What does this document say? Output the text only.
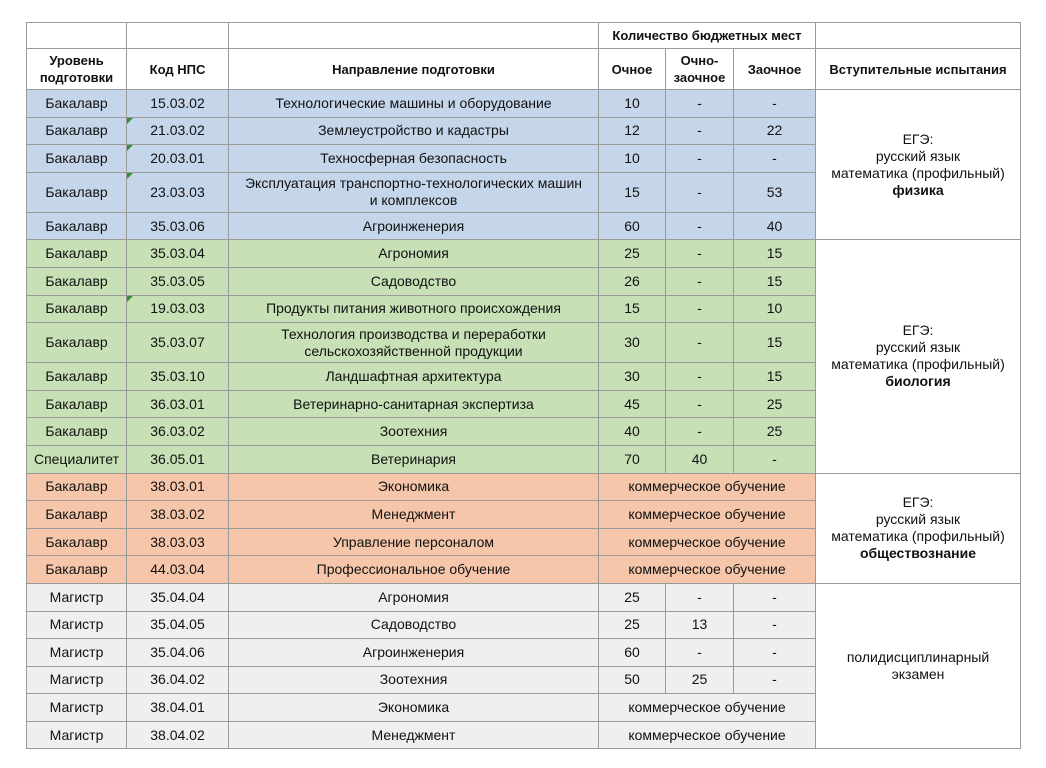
			Количество бюджетных мест			
Уровень
подготовки	Код НПС	Направление подготовки	Очное	Очно-
заочное	Заочное	Вступительные испытания
Бакалавр	15.03.02	Технологические машины и оборудование	10	-	-	ЕГЭ:
русский язык
математика (профильный)
физика
Бакалавр	21.03.02	Землеустройство и кадастры	12	-	22	
Бакалавр	20.03.01	Техносферная безопасность	10	-	-	
Бакалавр	23.03.03	Эксплуатация транспортно-технологических машин
и комплексов	15	-	53	
Бакалавр	35.03.06	Агроинженерия	60	-	40	
Бакалавр	35.03.04	Агрономия	25	-	15	ЕГЭ:
русский язык
математика (профильный)
биология
Бакалавр	35.03.05	Садоводство	26	-	15	
Бакалавр	19.03.03	Продукты питания животного происхождения	15	-	10	
Бакалавр	35.03.07	Технология производства и переработки
сельскохозяйственной продукции	30	-	15	
Бакалавр	35.03.10	Ландшафтная архитектура	30	-	15	
Бакалавр	36.03.01	Ветеринарно-санитарная экспертиза	45	-	25	
Бакалавр	36.03.02	Зоотехния	40	-	25	
Специалитет	36.05.01	Ветеринария	70	40	-	
Бакалавр	38.03.01	Экономика	коммерческое обучение			ЕГЭ:
русский язык
математика (профильный)
обществознание
Бакалавр	38.03.02	Менеджмент	коммерческое обучение			
Бакалавр	38.03.03	Управление персоналом	коммерческое обучение			
Бакалавр	44.03.04	Профессиональное обучение	коммерческое обучение			
Магистр	35.04.04	Агрономия	25	-	-	полидисциплинарный
экзамен
Магистр	35.04.05	Садоводство	25	13	-	
Магистр	35.04.06	Агроинженерия	60	-	-	
Магистр	36.04.02	Зоотехния	50	25	-	
Магистр	38.04.01	Экономика	коммерческое обучение			
Магистр	38.04.02	Менеджмент	коммерческое обучение			
